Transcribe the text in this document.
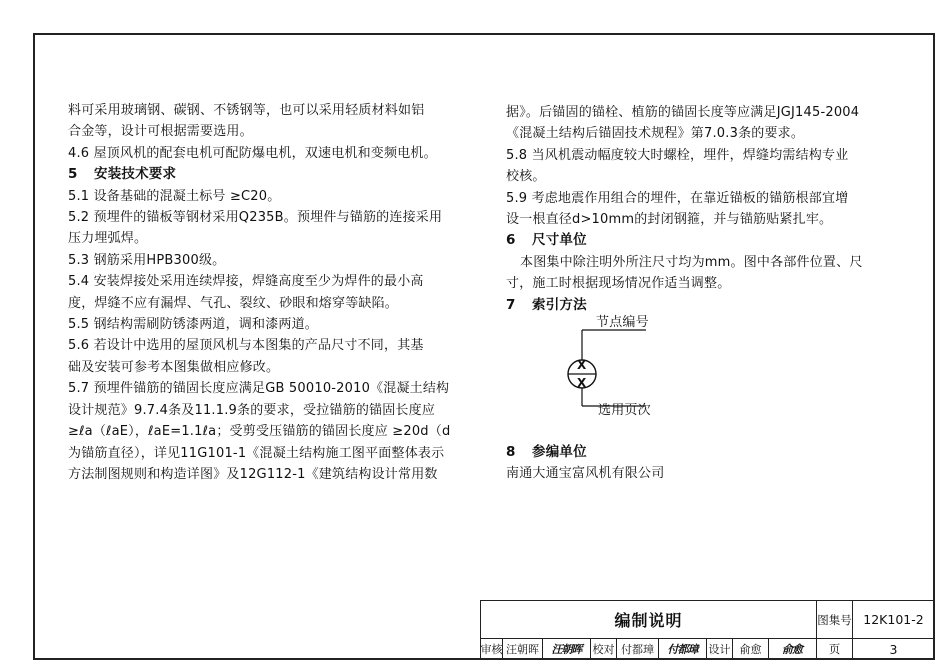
料可采用玻璃钢、碳钢、不锈钢等，也可以采用轻质材料如铝

合金等，设计可根据需要选用。

4.6 屋顶风机的配套电机可配防爆电机，双速电机和变频电机。

5 安装技术要求

5.1 设备基础的混凝土标号 ≥C20。

5.2 预埋件的锚板等钢材采用Q235B。预埋件与锚筋的连接采用

压力埋弧焊。

5.3 钢筋采用HPB300级。

5.4 安装焊接处采用连续焊接，焊缝高度至少为焊件的最小高

度，焊缝不应有漏焊、气孔、裂纹、砂眼和熔穿等缺陷。

5.5 钢结构需刷防锈漆两道，调和漆两道。

5.6 若设计中选用的屋顶风机与本图集的产品尺寸不同，其基

础及安装可参考本图集做相应修改。

5.7 预埋件锚筋的锚固长度应满足GB 50010-2010《混凝土结构

设计规范》9.7.4条及11.1.9条的要求，受拉锚筋的锚固长度应

≥ℓa（ℓaE），ℓaE=1.1ℓa；受剪受压锚筋的锚固长度应 ≥20d（d

为锚筋直径），详见11G101-1《混凝土结构施工图平面整体表示

方法制图规则和构造详图》及12G112-1《建筑结构设计常用数

据》。后锚固的锚栓、植筋的锚固长度等应满足JGJ145-2004

《混凝土结构后锚固技术规程》第7.0.3条的要求。

5.8 当风机震动幅度较大时螺栓，埋件，焊缝均需结构专业

校核。

5.9 考虑地震作用组合的埋件，在靠近锚板的锚筋根部宜增

设一根直径d>10mm的封闭钢箍，并与锚筋贴紧扎牢。

6 尺寸单位

本图集中除注明外所注尺寸均为mm。图中各部件位置、尺

寸，施工时根据现场情况作适当调整。

7 索引方法

节点编号
X
X
选用页次

8 参编单位

南通大通宝富风机有限公司

编制说明	图集号 12K101-2
审核 汪朝晖	汪朝晖	校对 付都璋	付都璋	设计 俞愈	俞愈	页	3
